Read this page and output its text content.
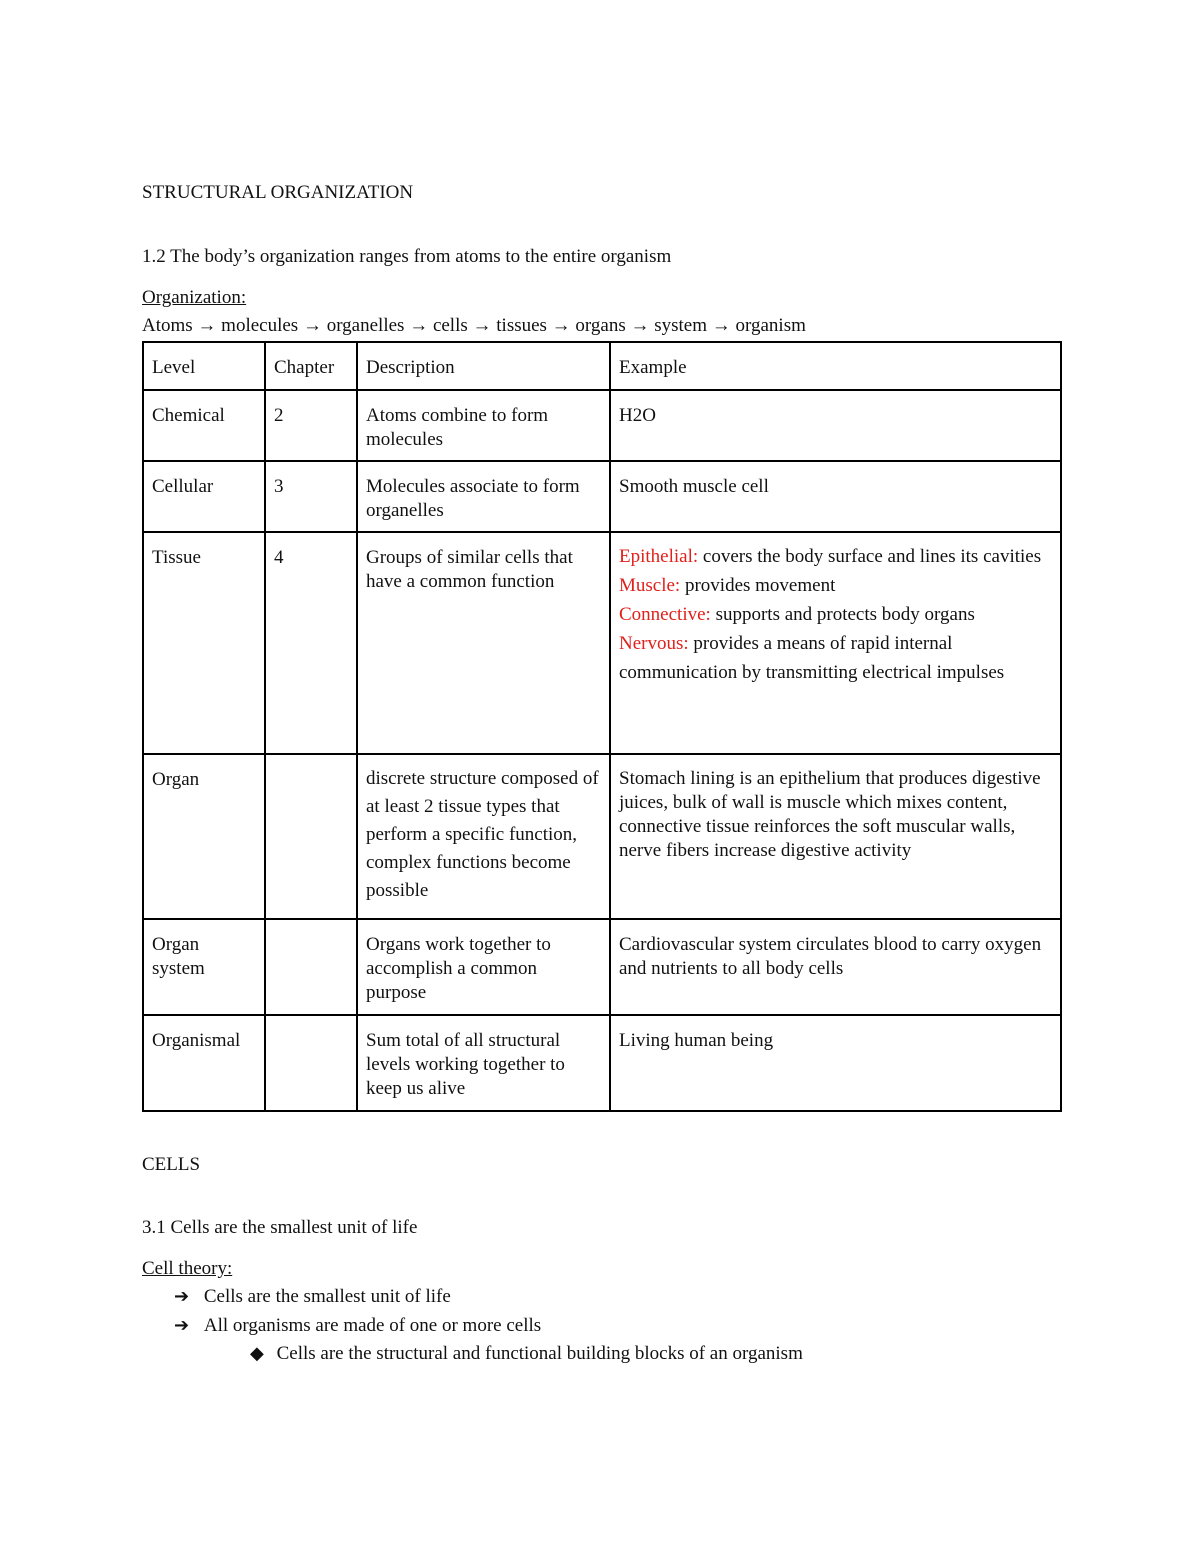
STRUCTURAL ORGANIZATION
1.2 The body’s organization ranges from atoms to the entire organism
Organization:
Atoms → molecules → organelles → cells → tissues → organs → system → organism
Level	Chapter	Description	Example
Chemical	2	Atoms combine to form molecules	H2O
Cellular	3	Molecules associate to form organelles	Smooth muscle cell
Tissue	4	Groups of similar cells that have a common function	Epithelial: covers the body surface and lines its cavities
Muscle: provides movement
Connective: supports and protects body organs
Nervous: provides a means of rapid internal communication by transmitting electrical impulses
Organ		discrete structure composed of at least 2 tissue types that perform a specific function, complex functions become possible	Stomach lining is an epithelium that produces digestive juices, bulk of wall is muscle which mixes content, connective tissue reinforces the soft muscular walls, nerve fibers increase digestive activity
Organ system		Organs work together to accomplish a common purpose	Cardiovascular system circulates blood to carry oxygen and nutrients to all body cells
Organismal		Sum total of all structural levels working together to keep us alive	Living human being
CELLS
3.1 Cells are the smallest unit of life
Cell theory:
➔ Cells are the smallest unit of life
➔ All organisms are made of one or more cells
◆ Cells are the structural and functional building blocks of an organism
